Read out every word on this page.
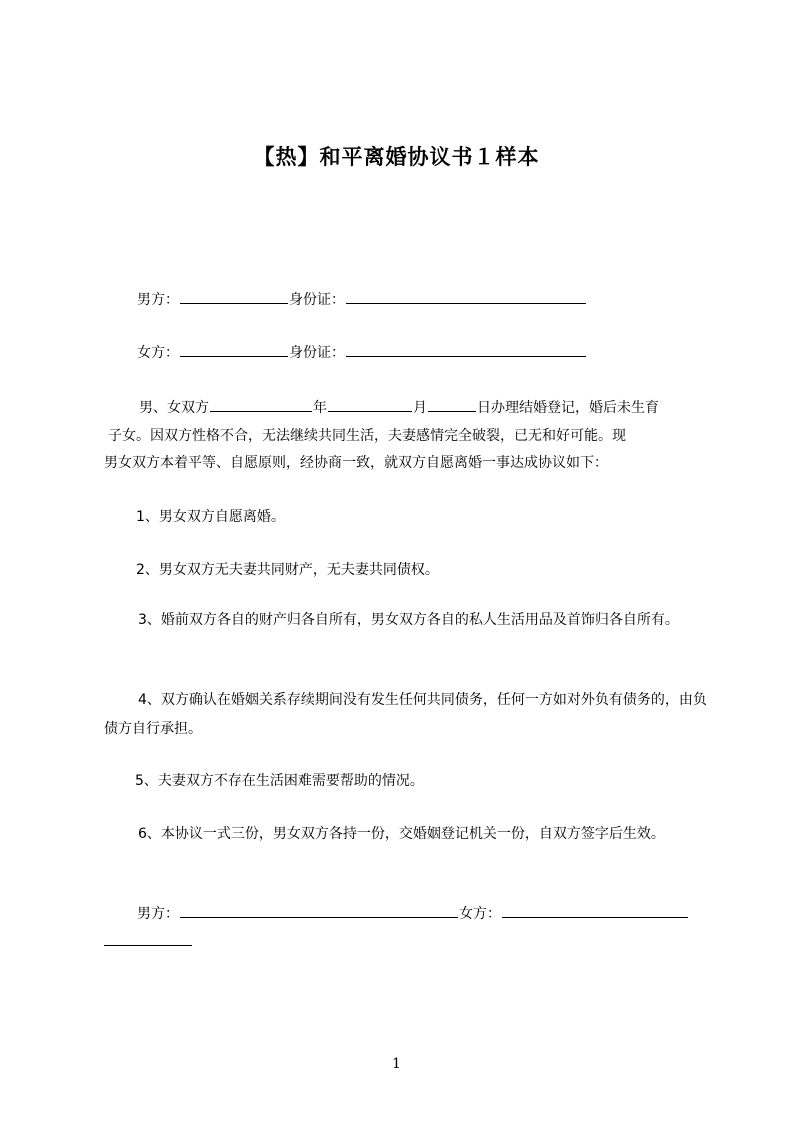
【热】和平离婚协议书１样本
男方：	身份证：
女方：	身份证：
男、女双方	年	月	日办理结婚登记，婚后未生育
子女。因双方性格不合，无法继续共同生活，夫妻感情完全破裂，已无和好可能。现
男女双方本着平等、自愿原则，经协商一致，就双方自愿离婚一事达成协议如下：
1、男女双方自愿离婚。
2、男女双方无夫妻共同财产，无夫妻共同债权。
3、婚前双方各自的财产归各自所有，男女双方各自的私人生活用品及首饰归各自所有。
4、双方确认在婚姻关系存续期间没有发生任何共同债务，任何一方如对外负有债务的，由负债方自行承担。
5、夫妻双方不存在生活困难需要帮助的情况。
6、本协议一式三份，男女双方各持一份，交婚姻登记机关一份，自双方签字后生效。
男方：	女方：
1
